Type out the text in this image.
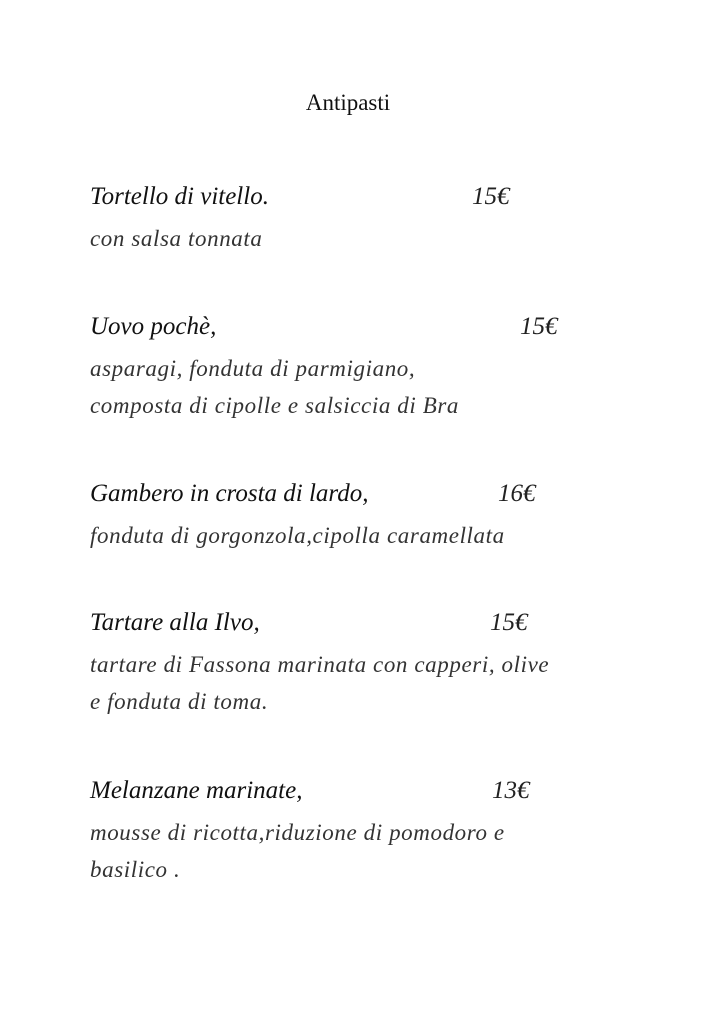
Antipasti
Tortello di vitello.	15€
con salsa tonnata
Uovo pochè,	15€
asparagi, fonduta di parmigiano,
composta di cipolle e salsiccia di Bra
Gambero in crosta di lardo,	16€
fonduta di gorgonzola,cipolla caramellata
Tartare alla Ilvo,	15€
tartare di Fassona marinata con capperi, olive
e fonduta di toma.
Melanzane marinate,	13€
mousse di ricotta,riduzione di pomodoro e
basilico .
